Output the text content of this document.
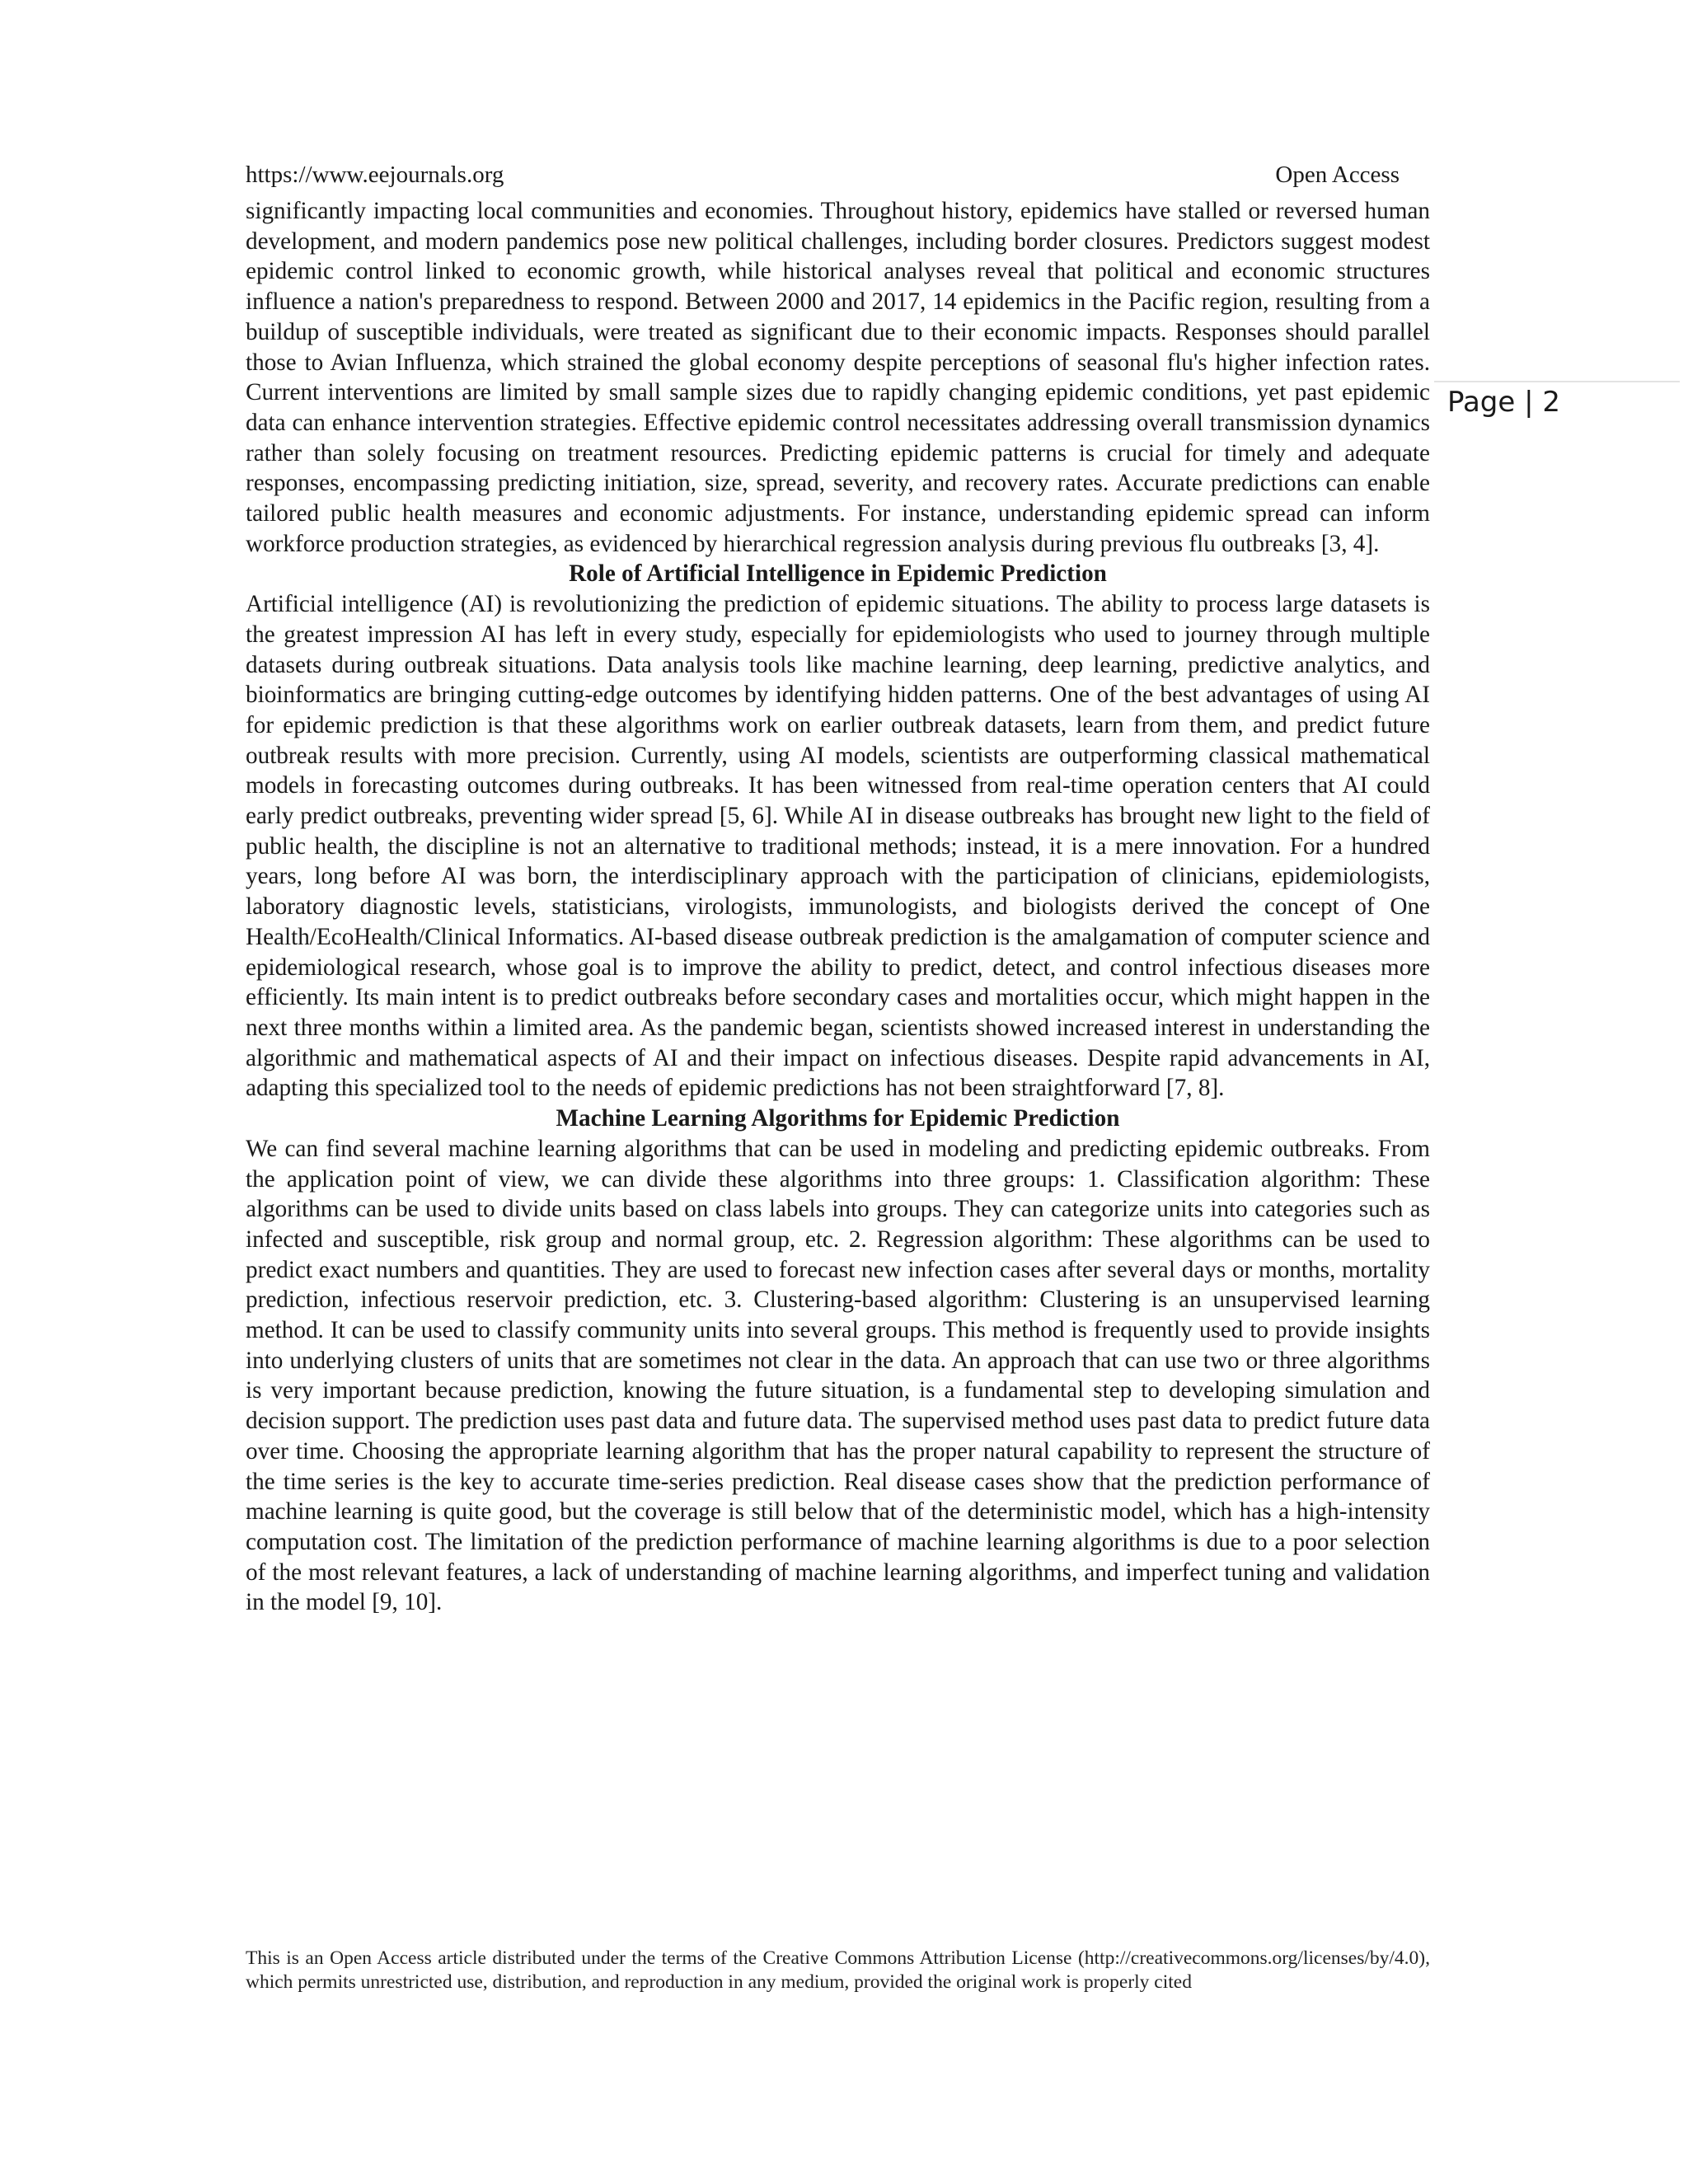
https://www.eejournals.org	Open Access
Page | 2

significantly impacting local communities and economies. Throughout history, epidemics have stalled or reversed human development, and modern pandemics pose new political challenges, including border closures. Predictors suggest modest epidemic control linked to economic growth, while historical analyses reveal that political and economic structures influence a nation's preparedness to respond. Between 2000 and 2017, 14 epidemics in the Pacific region, resulting from a buildup of susceptible individuals, were treated as significant due to their economic impacts. Responses should parallel those to Avian Influenza, which strained the global economy despite perceptions of seasonal flu's higher infection rates. Current interventions are limited by small sample sizes due to rapidly changing epidemic conditions, yet past epidemic data can enhance intervention strategies. Effective epidemic control necessitates addressing overall transmission dynamics rather than solely focusing on treatment resources. Predicting epidemic patterns is crucial for timely and adequate responses, encompassing predicting initiation, size, spread, severity, and recovery rates. Accurate predictions can enable tailored public health measures and economic adjustments. For instance, understanding epidemic spread can inform workforce production strategies, as evidenced by hierarchical regression analysis during previous flu outbreaks [3, 4].

Role of Artificial Intelligence in Epidemic Prediction

Artificial intelligence (AI) is revolutionizing the prediction of epidemic situations. The ability to process large datasets is the greatest impression AI has left in every study, especially for epidemiologists who used to journey through multiple datasets during outbreak situations. Data analysis tools like machine learning, deep learning, predictive analytics, and bioinformatics are bringing cutting-edge outcomes by identifying hidden patterns. One of the best advantages of using AI for epidemic prediction is that these algorithms work on earlier outbreak datasets, learn from them, and predict future outbreak results with more precision. Currently, using AI models, scientists are outperforming classical mathematical models in forecasting outcomes during outbreaks. It has been witnessed from real-time operation centers that AI could early predict outbreaks, preventing wider spread [5, 6]. While AI in disease outbreaks has brought new light to the field of public health, the discipline is not an alternative to traditional methods; instead, it is a mere innovation. For a hundred years, long before AI was born, the interdisciplinary approach with the participation of clinicians, epidemiologists, laboratory diagnostic levels, statisticians, virologists, immunologists, and biologists derived the concept of One Health/EcoHealth/Clinical Informatics. AI-based disease outbreak prediction is the amalgamation of computer science and epidemiological research, whose goal is to improve the ability to predict, detect, and control infectious diseases more efficiently. Its main intent is to predict outbreaks before secondary cases and mortalities occur, which might happen in the next three months within a limited area. As the pandemic began, scientists showed increased interest in understanding the algorithmic and mathematical aspects of AI and their impact on infectious diseases. Despite rapid advancements in AI, adapting this specialized tool to the needs of epidemic predictions has not been straightforward [7, 8].

Machine Learning Algorithms for Epidemic Prediction

We can find several machine learning algorithms that can be used in modeling and predicting epidemic outbreaks. From the application point of view, we can divide these algorithms into three groups: 1. Classification algorithm: These algorithms can be used to divide units based on class labels into groups. They can categorize units into categories such as infected and susceptible, risk group and normal group, etc. 2. Regression algorithm: These algorithms can be used to predict exact numbers and quantities. They are used to forecast new infection cases after several days or months, mortality prediction, infectious reservoir prediction, etc. 3. Clustering-based algorithm: Clustering is an unsupervised learning method. It can be used to classify community units into several groups. This method is frequently used to provide insights into underlying clusters of units that are sometimes not clear in the data. An approach that can use two or three algorithms is very important because prediction, knowing the future situation, is a fundamental step to developing simulation and decision support. The prediction uses past data and future data. The supervised method uses past data to predict future data over time. Choosing the appropriate learning algorithm that has the proper natural capability to represent the structure of the time series is the key to accurate time-series prediction. Real disease cases show that the prediction performance of machine learning is quite good, but the coverage is still below that of the deterministic model, which has a high-intensity computation cost. The limitation of the prediction performance of machine learning algorithms is due to a poor selection of the most relevant features, a lack of understanding of machine learning algorithms, and imperfect tuning and validation in the model [9, 10].

This is an Open Access article distributed under the terms of the Creative Commons Attribution License (http://creativecommons.org/licenses/by/4.0), which permits unrestricted use, distribution, and reproduction in any medium, provided the original work is properly cited
